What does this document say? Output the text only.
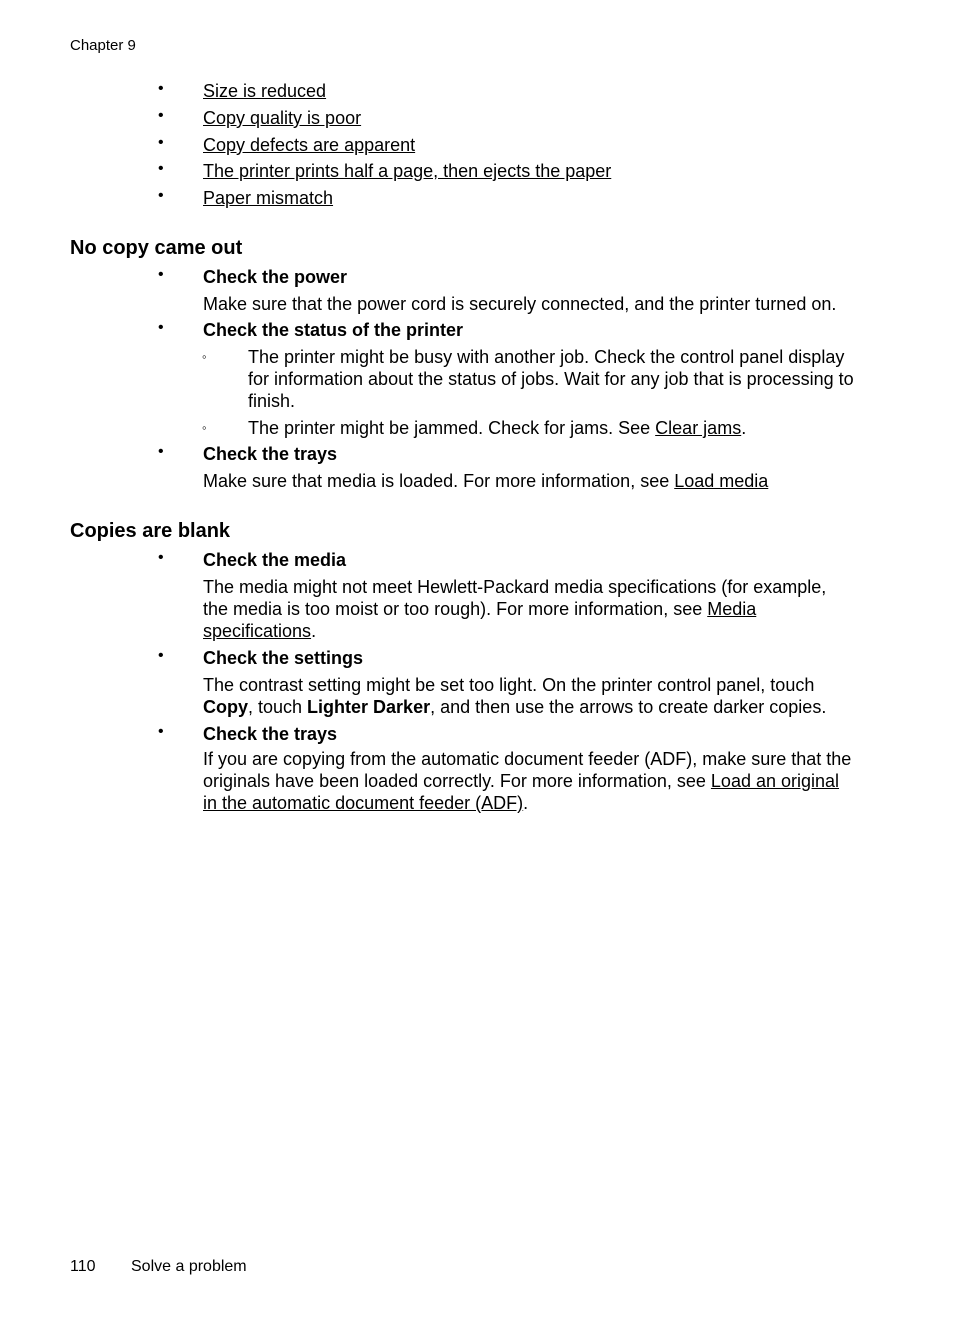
Chapter 9
• Size is reduced
• Copy quality is poor
• Copy defects are apparent
• The printer prints half a page, then ejects the paper
• Paper mismatch
No copy came out
• Check the power
Make sure that the power cord is securely connected, and the printer turned on.
• Check the status of the printer
◦ The printer might be busy with another job. Check the control panel display
for information about the status of jobs. Wait for any job that is processing to
finish.
◦ The printer might be jammed. Check for jams. See Clear jams.
• Check the trays
Make sure that media is loaded. For more information, see Load media
Copies are blank
• Check the media
The media might not meet Hewlett-Packard media specifications (for example,
the media is too moist or too rough). For more information, see Media
specifications.
• Check the settings
The contrast setting might be set too light. On the printer control panel, touch
Copy, touch Lighter Darker, and then use the arrows to create darker copies.
• Check the trays
If you are copying from the automatic document feeder (ADF), make sure that the
originals have been loaded correctly. For more information, see Load an original
in the automatic document feeder (ADF).
110 Solve a problem
